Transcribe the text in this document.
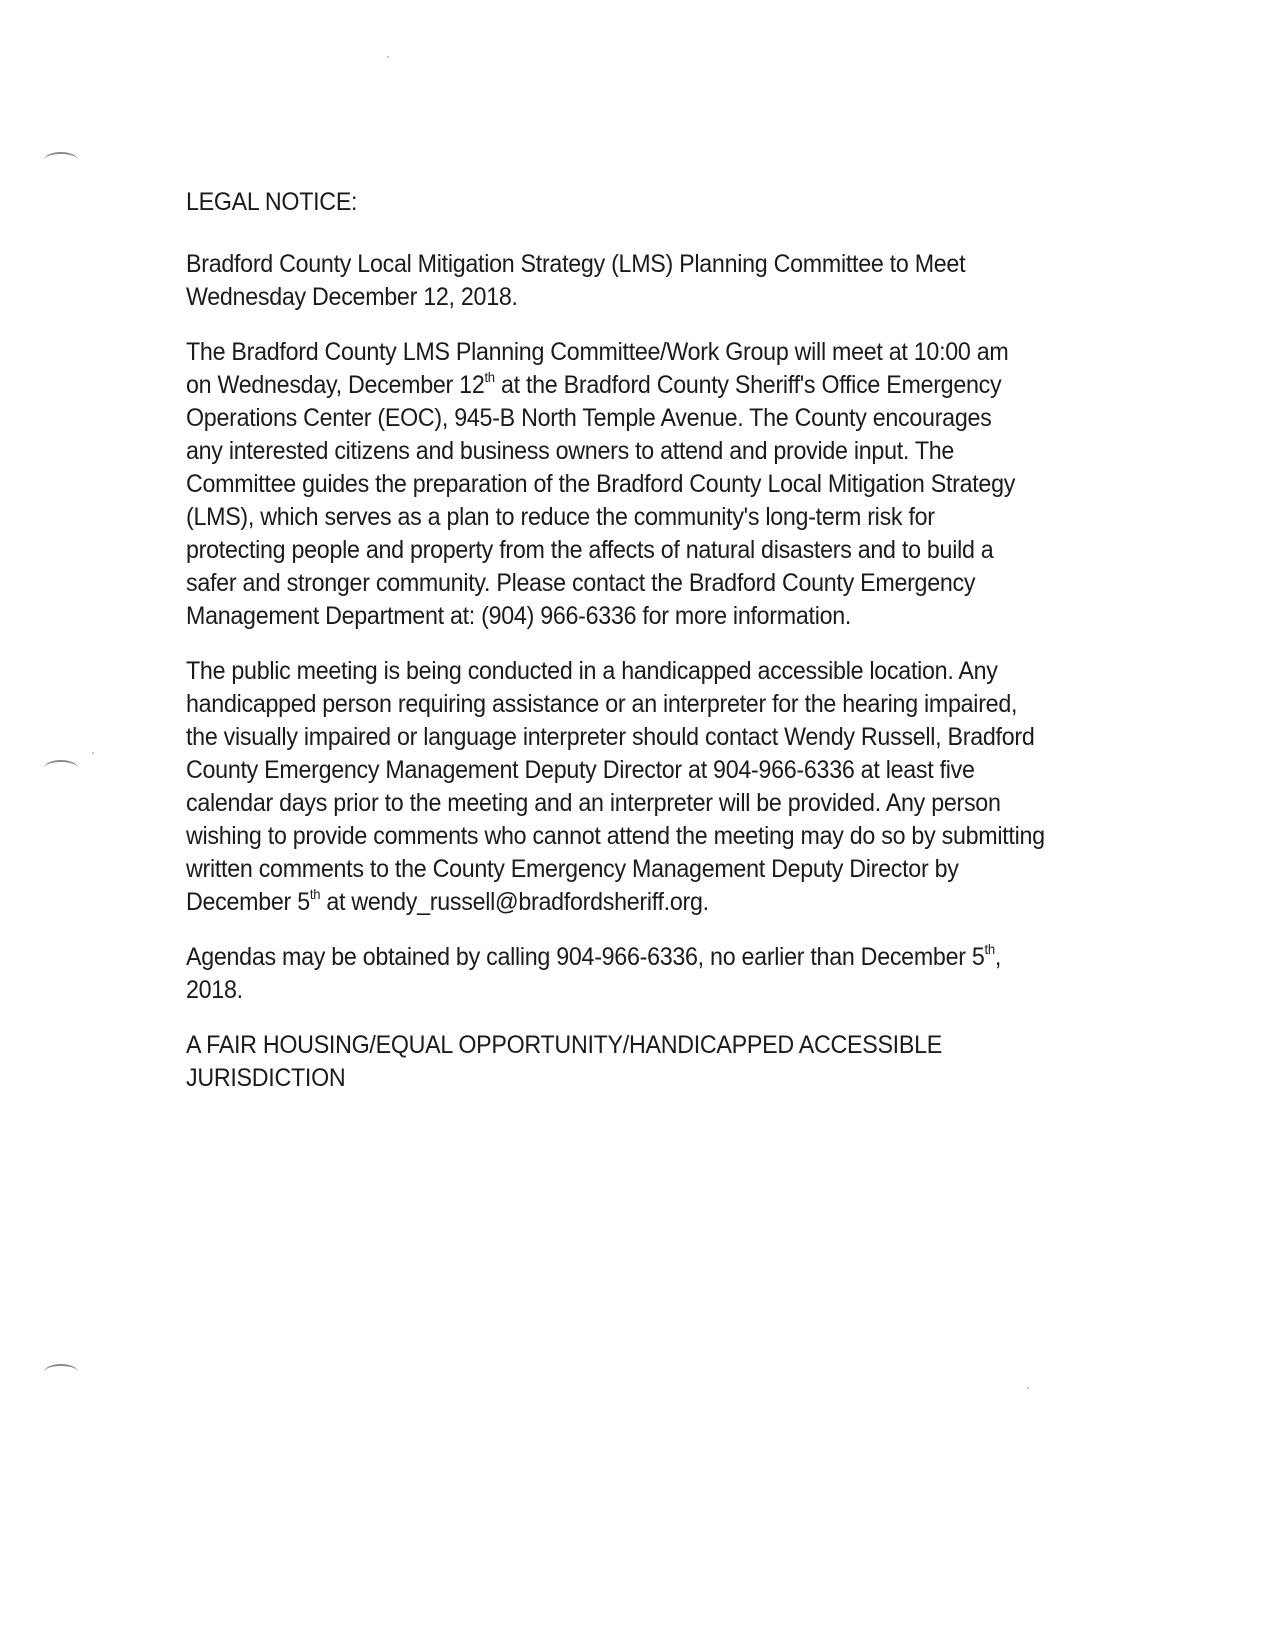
LEGAL NOTICE:
Bradford County Local Mitigation Strategy (LMS) Planning Committee to Meet
Wednesday December 12, 2018.
The Bradford County LMS Planning Committee/Work Group will meet at 10:00 am
on Wednesday, December 12th at the Bradford County Sheriff's Office Emergency
Operations Center (EOC), 945-B North Temple Avenue. The County encourages
any interested citizens and business owners to attend and provide input. The
Committee guides the preparation of the Bradford County Local Mitigation Strategy
(LMS), which serves as a plan to reduce the community's long-term risk for
protecting people and property from the affects of natural disasters and to build a
safer and stronger community. Please contact the Bradford County Emergency
Management Department at: (904) 966-6336 for more information.
The public meeting is being conducted in a handicapped accessible location. Any
handicapped person requiring assistance or an interpreter for the hearing impaired,
the visually impaired or language interpreter should contact Wendy Russell, Bradford
County Emergency Management Deputy Director at 904-966-6336 at least five
calendar days prior to the meeting and an interpreter will be provided. Any person
wishing to provide comments who cannot attend the meeting may do so by submitting
written comments to the County Emergency Management Deputy Director by
December 5th at wendy_russell@bradfordsheriff.org.
Agendas may be obtained by calling 904-966-6336, no earlier than December 5th,
2018.
A FAIR HOUSING/EQUAL OPPORTUNITY/HANDICAPPED ACCESSIBLE
JURISDICTION
